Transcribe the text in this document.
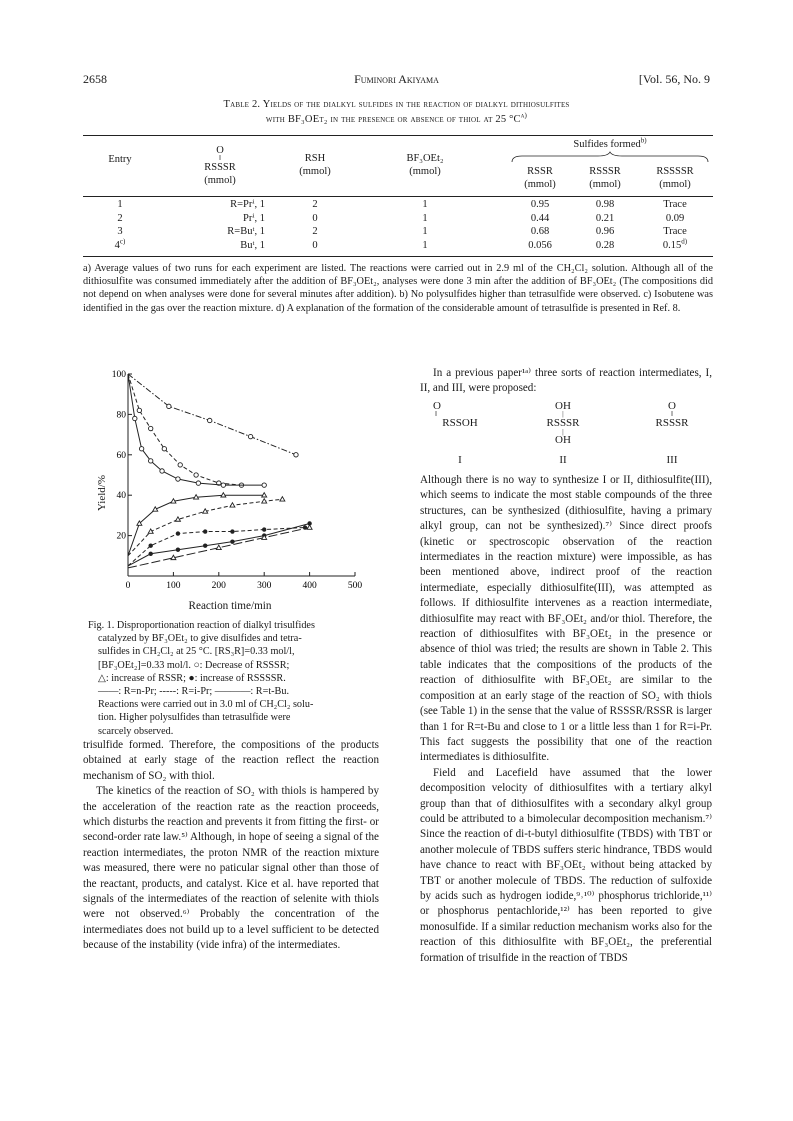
2658	Fuminori Akiyama	[Vol. 56, No. 9
Table 2. Yields of the dialkyl sulfides in the reaction of dialkyl dithiosulfites
with BF₃OEt₂ in the presence or absence of thiol at 25 $^\circ C^{a)}$
Entry
O
‖
RSSSR
(mmol)
RSH
(mmol)
BF₃OEt₂
(mmol)
Sulfides formed$^{b)}$
RSSR
(mmol)
RSSSR
(mmol)
RSSSSR
(mmol)
1	R=Prⁱ, 1	2	1	0.95	0.98	Trace
2	Prⁱ, 1	0	1	0.44	0.21	0.09
3	R=Buᵗ, 1	2	1	0.68	0.96	Trace
4$^{c)}$	Buᵗ, 1	0	1	0.056	0.28	0.15$^{d)}$
a) Average values of two runs for each experiment are listed. The reactions were carried out in 2.9 ml of the CH₂Cl₂ solution. Although all of the dithiosulfite was consumed immediately after the addition of BF₃OEt₂, analyses were done 3 min after the addition of BF₃OEt₂ (The compositions did not depend on when analyses were done for several minutes after addition). b) No polysulfides higher than tetrasulfide were observed. c) Isobutene was identified in the gas over the reaction mixture. d) A explanation of the formation of the considerable amount of tetrasulfide is presented in Ref. 8.
0	100	200	300	400	500
20
40
60
80
100
Yield/%
Reaction time/min
Fig. 1. Disproportionation reaction of dialkyl trisulfides
catalyzed by BF₃OEt₂ to give disulfides and tetra-
sulfides in CH₂Cl₂ at 25 °C. [RS₃R]=0.33 mol/l,
[BF₃OEt₂]=0.33 mol/l. ○: Decrease of RSSSR;
△: increase of RSSR; ●: increase of RSSSSR.
——: R=n-Pr; -----: R=i-Pr; –––––––: R=t-Bu.
Reactions were carried out in 3.0 ml of CH₂Cl₂ solu-
tion. Higher polysulfides than tetrasulfide were
scarcely observed.

In a previous paper¹ᵃ⁾ three sorts of reaction intermediates, I, II, and III, were proposed:

O
‖
RSSOH
OH
|
RSSSR
|
OH
O
‖
RSSSR
I	II	III

Although there is no way to synthesize I or II, dithiosulfite(III), which seems to indicate the most stable compounds of the three structures, can be synthesized (dithiosulfite, having a primary alkyl group, can not be synthesized).⁷⁾ Since direct proofs (kinetic or spectroscopic observation of the reaction intermediates in the reaction mixture) were impossible, as has been mentioned above, indirect proof of the reaction intermediate, especially dithiosulfite(III), was attempted as follows. If dithiosulfite intervenes as a reaction intermediate, dithiosulfite may react with BF₃OEt₂ and/or thiol. Therefore, the reaction of dithiosulfites with BF₃OEt₂ in the presence or absence of thiol was tried; the results are shown in Table 2. This table indicates that the compositions of the products of the reaction of dithiosulfite with BF₃OEt₂ are similar to the composition at an early stage of the reaction of SO₂ with thiols (see Table 1) in the sense that the value of RSSSR/RSSR is larger than 1 for R=t-Bu and close to 1 or a little less than 1 for R=i-Pr. This fact suggests the possibility that one of the reaction intermediates is dithiosulfite.

Field and Lacefield have assumed that the lower decomposition velocity of dithiosulfites with a tertiary alkyl group than that of dithiosulfites with a secondary alkyl group could be attributed to a bimolecular decomposition mechanism.⁷⁾ Since the reaction of di-t-butyl dithiosulfite (TBDS) with TBT or another molecule of TBDS suffers steric hindrance, TBDS would have chance to react with BF₃OEt₂ without being attacked by TBT or another molecule of TBDS. The reduction of sulfoxide by acids such as hydrogen iodide,⁹˒¹⁰⁾ phosphorus trichloride,¹¹⁾ or phosphorus pentachloride,¹²⁾ has been reported to give monosulfide. If a similar reduction mechanism works also for the reaction of this dithiosulfite with BF₃OEt₂, the preferential formation of trisulfide in the reaction of TBDS

trisulfide formed. Therefore, the compositions of the products obtained at early stage of the reaction reflect the reaction mechanism of SO₂ with thiol.

The kinetics of the reaction of SO₂ with thiols is hampered by the acceleration of the reaction rate as the reaction proceeds, which disturbs the reaction and prevents it from fitting the first- or second-order rate law.⁵⁾ Although, in hope of seeing a signal of the reaction intermediates, the proton NMR of the reaction mixture was measured, there were no paticular signal other than those of the reactant, products, and catalyst. Kice et al. have reported that signals of the intermediates of the reaction of selenite with thiols were not observed.⁶⁾ Probably the concentration of the intermediates does not build up to a level sufficient to be detected because of the instability (vide infra) of the intermediates.
